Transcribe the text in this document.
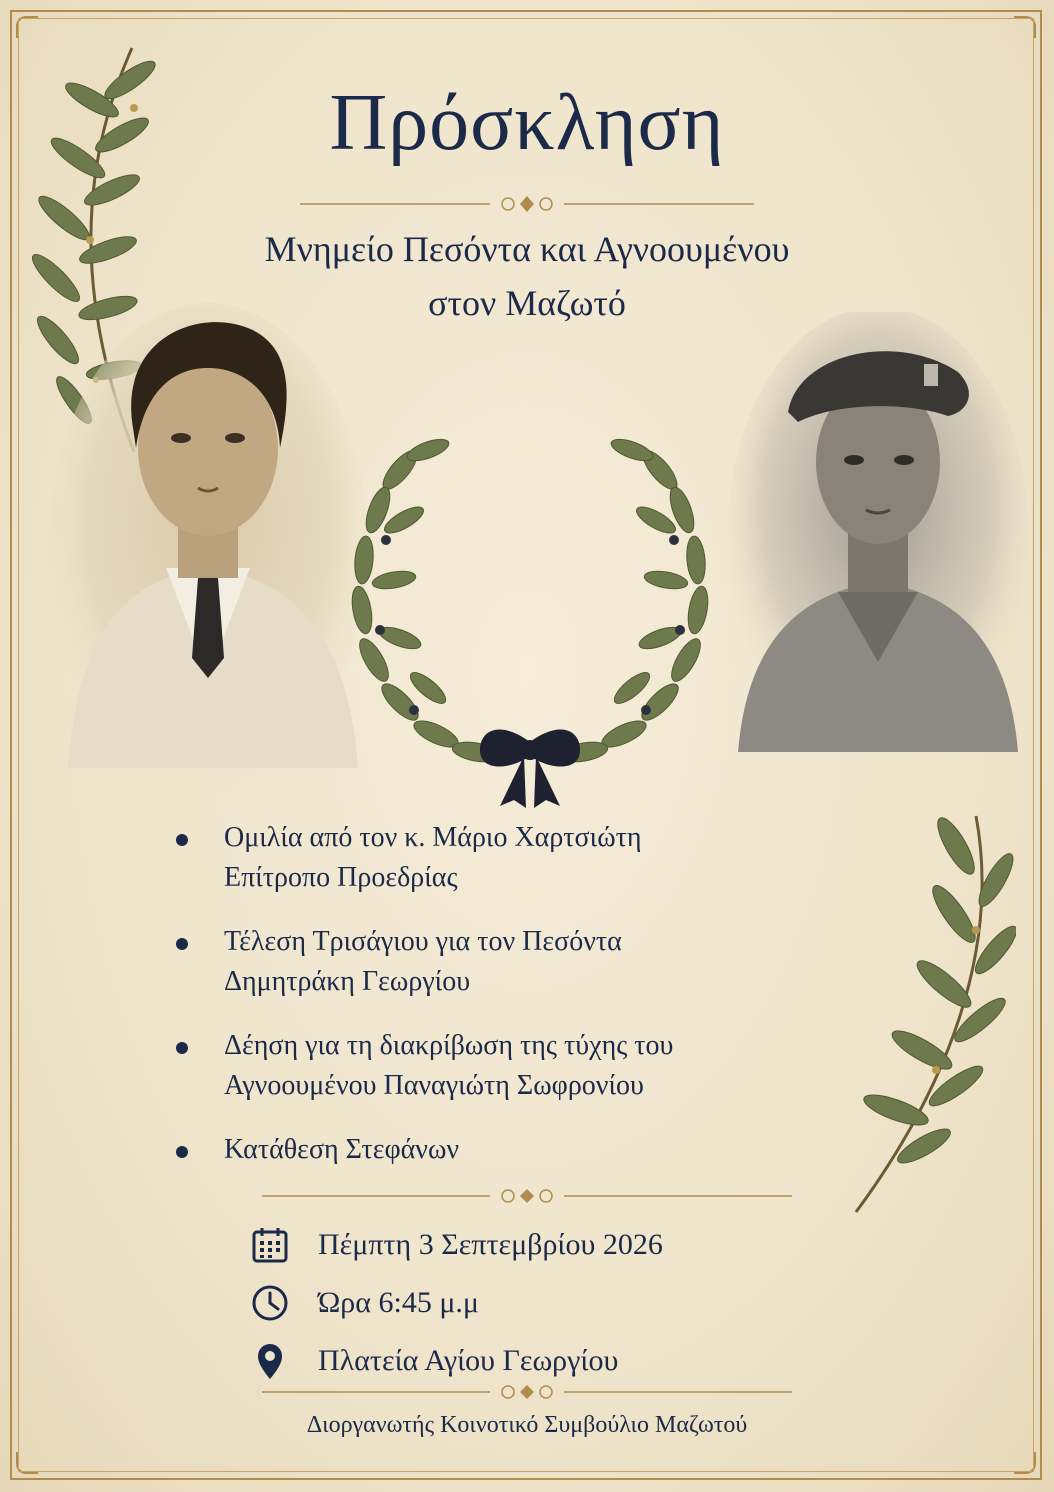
Πρόσκληση
Μνημείο Πεσόντα και Αγνοουμένου
στον Μαζωτό
Ομιλία από τον κ. Μάριο Χαρτσιώτη
Επίτροπο Προεδρίας
Τέλεση Τρισάγιου για τον Πεσόντα
Δημητράκη Γεωργίου
Δέηση για τη διακρίβωση της τύχης του
Αγνοουμένου Παναγιώτη Σωφρονίου
Κατάθεση Στεφάνων
Πέμπτη 3 Σεπτεμβρίου 2026
Ώρα 6:45 μ.μ
Πλατεία Αγίου Γεωργίου
Διοργανωτής Κοινοτικό Συμβούλιο Μαζωτού
